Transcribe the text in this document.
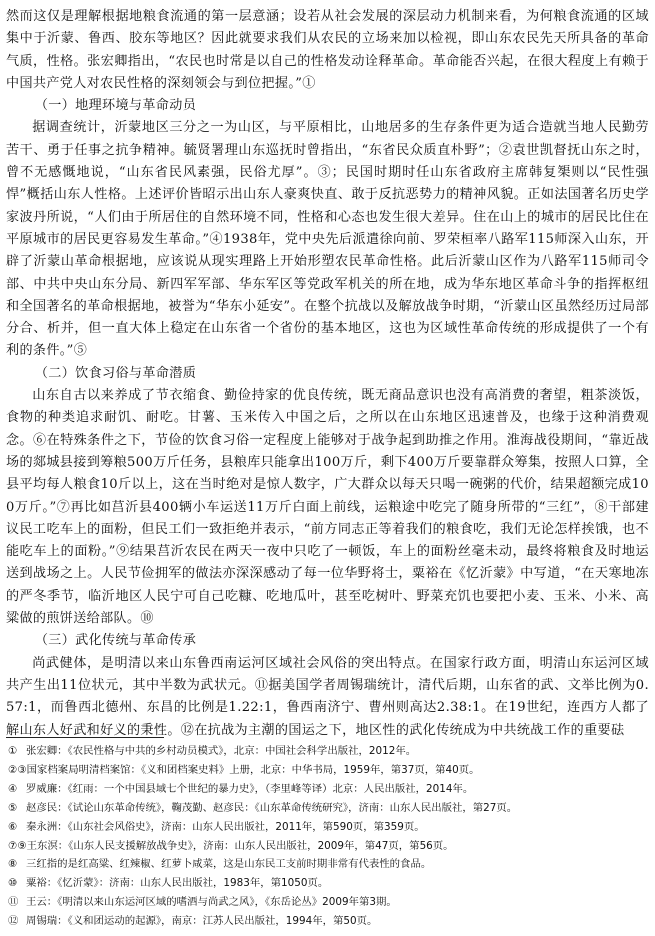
然而这仅是理解根据地粮食流通的第一层意涵；设若从社会发展的深层动力机制来看，为何粮食流通的区域集中于沂蒙、鲁西、胶东等地区？因此就要求我们从农民的立场来加以检视，即山东农民先天所具备的革命气质，性格。张宏卿指出，“农民也时常是以自己的性格发动诠释革命。革命能否兴起，在很大程度上有赖于中国共产党人对农民性格的深刻领会与到位把握。”①

（一）地理环境与革命动员

据调查统计，沂蒙地区三分之一为山区，与平原相比，山地居多的生存条件更为适合造就当地人民勤劳苦干、勇于任事之抗争精神。毓贤署理山东巡抚时曾指出，“东省民众质直朴野”；②袁世凯督抚山东之时，曾不无感慨地说，“山东省民风素强，民俗尤厚”。③；民国时期时任山东省政府主席韩复榘则以“民性强悍”概括山东人性格。上述评价皆昭示出山东人豪爽快直、敢于反抗恶势力的精神风貌。正如法国著名历史学家波丹所说，“人们由于所居住的自然环境不同，性格和心态也发生很大差异。住在山上的城市的居民比住在平原城市的居民更容易发生革命。”④1938年，党中央先后派遣徐向前、罗荣桓率八路军115师深入山东，开辟了沂蒙山革命根据地，应该说从现实理路上开始形塑农民革命性格。此后沂蒙山区作为八路军115师司令部、中共中央山东分局、新四军军部、华东军区等党政军机关的所在地，成为华东地区革命斗争的指挥枢纽和全国著名的革命根据地，被誉为“华东小延安”。在整个抗战以及解放战争时期，“沂蒙山区虽然经历过局部分合、析并，但一直大体上稳定在山东省一个省份的基本地区，这也为区域性革命传统的形成提供了一个有利的条件。”⑤

（二）饮食习俗与革命潜质

山东自古以来养成了节衣缩食、勤俭持家的优良传统，既无商品意识也没有高消费的奢望，粗茶淡饭，食物的种类追求耐饥、耐吃。甘薯、玉米传入中国之后，之所以在山东地区迅速普及，也缘于这种消费观念。⑥在特殊条件之下，节俭的饮食习俗一定程度上能够对于战争起到助推之作用。淮海战役期间，“靠近战场的郯城县接到筹粮500万斤任务，县粮库只能拿出100万斤，剩下400万斤要靠群众筹集，按照人口算，全县平均每人粮食10斤以上，这在当时绝对是惊人数字，广大群众以每天只喝一碗粥的代价，结果超额完成100万斤。”⑦再比如莒沂县400辆小车运送11万斤白面上前线，运粮途中吃完了随身所带的“三红”，⑧干部建议民工吃车上的面粉，但民工们一致拒绝并表示，“前方同志正等着我们的粮食吃，我们无论怎样挨饿，也不能吃车上的面粉。”⑨结果莒沂农民在两天一夜中只吃了一顿饭，车上的面粉丝毫未动，最终将粮食及时地运送到战场之上。人民节俭拥军的做法亦深深感动了每一位华野将士，粟裕在《忆沂蒙》中写道，“在天寒地冻的严冬季节，临沂地区人民宁可自己吃糠、吃地瓜叶，甚至吃树叶、野菜充饥也要把小麦、玉米、小米、高粱做的煎饼送给部队。⑩

（三）武化传统与革命传承

尚武健体，是明清以来山东鲁西南运河区域社会风俗的突出特点。在国家行政方面，明清山东运河区域共产生出11位状元，其中半数为武状元。⑪据美国学者周锡瑞统计，清代后期，山东省的武、文举比例为0.57:1，而鲁西北德州、东昌的比例是1.22:1，鲁西南济宁、曹州则高达2.38:1。在19世纪，连西方人都了解山东人好武和好义的秉性。⑫在抗战为主潮的国运之下，地区性的武化传统成为中共统战工作的重要砝

① 张宏卿：《农民性格与中共的乡村动员模式》，北京：中国社会科学出版社，2012年。
②③国家档案局明清档案馆：《义和团档案史料》上册，北京：中华书局，1959年，第37页，第40页。
④ 罗威廉：《红雨：一个中国县域七个世纪的暴力史》，（李里峰等译）北京：人民出版社，2014年。
⑤ 赵彦民：《试论山东革命传统》，鞠茂勤、赵彦民：《山东革命传统研究》，济南：山东人民出版社，第27页。
⑥ 秦永洲：《山东社会风俗史》，济南：山东人民出版社，2011年，第590页，第359页。
⑦⑨王东溟：《山东人民支援解放战争史》，济南：山东人民出版社，2009年，第47页，第56页。
⑧ 三红指的是红高粱、红辣椒、红萝卜咸菜，这是山东民工支前时期非常有代表性的食品。
⑩ 粟裕：《忆沂蒙》：济南：山东人民出版社，1983年，第1050页。
⑪ 王云：《明清以来山东运河区域的嗜酒与尚武之风》，《东岳论丛》2009年第3期。
⑫ 周锡瑞：《义和团运动的起源》，南京：江苏人民出版社，1994年，第50页。
